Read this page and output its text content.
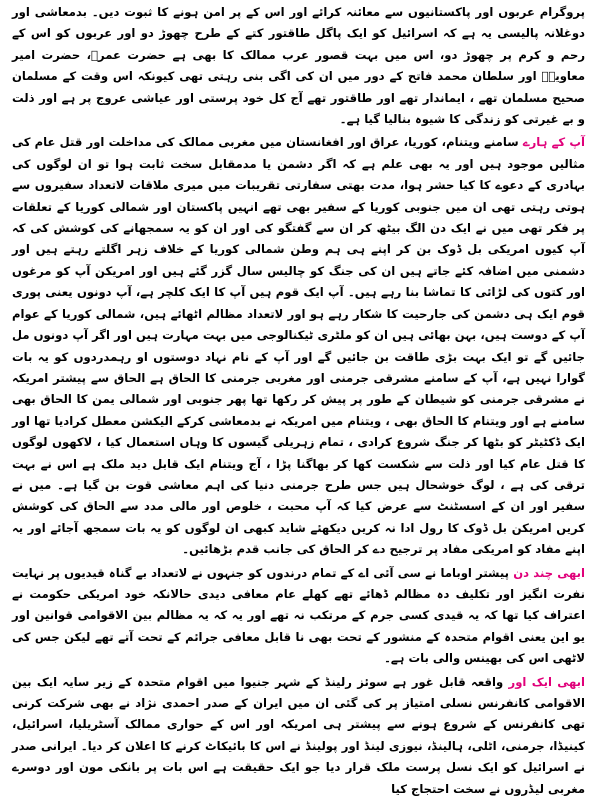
پروگرام عربوں اور پاکستانیوں سے معائنہ کرائے اور اس کے پر امن ہونے کا ثبوت دیں۔ بدمعاشی اور دوغلانہ پالیسی یہ ہے کہ اسرائیل کو ایک پاگل طاقتور کتے کے طرح چھوڑ دو اور عربوں کو اس کے رحم و کرم پر چھوڑ دو، اس میں بہت قصور عرب ممالک کا بھی ہے حضرت عمرؓ، حضرت امیر معاویہؓ اور سلطان محمد فاتح کے دور میں ان کی اگی بنی رہتی تھی کیونکہ اس وقت کے مسلمان صحیح مسلمان تھے ، ایماندار تھے اور طاقتور تھے آج کل خود پرستی اور عیاشی عروج پر ہے اور ذلت و بے غیرتی کو زندگی کا شیوہ بنالیا گیا ہے۔

آپ کے ہارے سامنے ویتنام، کوریا، عراق اور افغانستان میں مغربی ممالک کی مداخلت اور قتل عام کی مثالیں موجود ہیں اور یہ بھی علم ہے کہ اگر دشمن یا مدمقابل سخت ثابت ہوا تو ان لوگوں کی بہادری کے دعوے کا کیا حشر ہوا، مدت بھتی سفارتی تقریبات میں میری ملاقات لاتعداد سفیروں سے ہوتی رہتی تھی ان میں جنوبی کوریا کے سفیر بھی تھے انہیں پاکستان اور شمالی کوریا کے تعلقات پر فکر تھی میں نے ایک دن الگ بیٹھ کر ان سے گفتگو کی اور ان کو یہ سمجھانے کی کوشش کی کہ آپ کیوں امریکی بل ڈوک بن کر اپنے ہی ہم وطن شمالی کوریا کے خلاف زہر اگلتے رہتے ہیں اور دشمنی میں اضافہ کئے جاتے ہیں ان کی جنگ کو چالیس سال گزر گئے ہیں اور امریکن آپ کو مرغوں اور کتوں کی لڑائی کا تماشا بنا رہے ہیں۔ آپ ایک قوم ہیں آپ کا ایک کلچر ہے، آپ دونوں یعنی پوری قوم ایک ہی دشمن کی جارحیت کا شکار رہے ہو اور لاتعداد مظالم اٹھائے ہیں، شمالی کوریا کے عوام آپ کے دوست ہیں، بہن بھائی ہیں ان کو ملٹری ٹیکنالوجی میں بہت مہارت ہیں اور اگر آپ دونوں مل جائیں گے تو ایک بہت بڑی طاقت بن جائیں گے اور آپ کے نام نہاد دوستوں او رہمدردوں کو یہ بات گوارا نہیں ہے، آپ کے سامنے مشرقی جرمنی اور مغربی جرمنی کا الحاق ہے الحاق سے پیشتر امریکہ نے مشرقی جرمنی کو شیطان کے طور پر پیش کر رکھا تھا پھر جنوبی اور شمالی یمن کا الحاق بھی سامنے ہے اور ویتنام کا الحاق بھی ، ویتنام میں امریکہ نے بدمعاشی کرکے الیکشن معطل کرادیا تھا اور ایک ڈکٹیٹر کو بٹھا کر جنگ شروع کرادی ، تمام زہریلی گیسوں کا وہاں استعمال کیا ، لاکھوں لوگوں کا قتل عام کیا اور ذلت سے شکست کھا کر بھاگنا پڑا ، آج ویتنام ایک قابل دید ملک ہے اس نے بہت ترقی کی ہے ، لوگ خوشحال ہیں جس طرح جرمنی دنیا کی اہم معاشی قوت بن گیا ہے۔ میں نے سفیر اور ان کے اسسٹنٹ سے عرض کیا کہ آپ محبت ، خلوص اور مالی مدد سے الحاق کی کوشش کریں امریکن بل ڈوک کا رول ادا نہ کریں دیکھئے شاید کبھی ان لوگوں کو یہ بات سمجھ آجائے اور یہ اپنے مفاد کو امریکی مفاد پر ترجیح دے کر الحاق کی جانب قدم بڑھائیں۔

ابھی چند دن پیشتر اوباما نے سی آئی اے کے تمام درندوں کو جنہوں نے لاتعداد بے گناہ قیدیوں پر نہایت نفرت انگیز اور تکلیف دہ مظالم ڈھائے تھے کھلے عام معافی دیدی حالانکہ خود امریکی حکومت نے اعتراف کیا تھا کہ یہ قیدی کسی جرم کے مرتکب نہ تھے اور یہ کہ یہ مظالم بین الاقوامی قوانین اور یو این یعنی اقوام متحدہ کے منشور کے تحت بھی نا قابل معافی جرائم کے تحت آتے تھے لیکن جس کی لاٹھی اس کی بھینس والی بات ہے۔

ابھی ایک اور واقعہ قابل غور ہے سوئز رلینڈ کے شہر جنیوا میں اقوام متحدہ کے زیر سایہ ایک بین الاقوامی کانفرنس نسلی امتیاز پر کی گئی ان میں ایران کے صدر احمدی نژاد نے بھی شرکت کرنی تھی کانفرنس کے شروع ہونے سے پیشتر ہی امریکہ اور اس کے حواری ممالک آسٹریلیا، اسرائیل، کینیڈا، جرمنی، اٹلی، ہالینڈ، نیوزی لینڈ اور پولینڈ نے اس کا بائیکاٹ کرنے کا اعلان کر دیا۔ ایرانی صدر نے اسرائیل کو ایک نسل پرست ملک قرار دیا جو ایک حقیقت ہے اس بات پر بانکی مون اور دوسرے مغربی لیڈروں نے سخت احتجاج کیا
